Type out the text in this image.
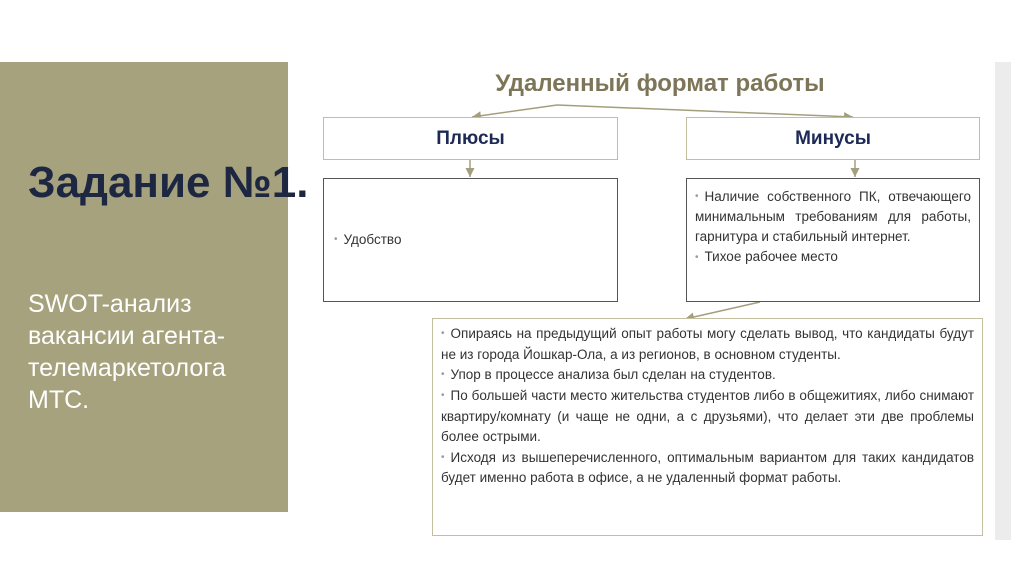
Задание №1.
SWOT-анализ вакансии агента-телемаркетолога МТС.
Удаленный формат работы
Плюсы	Минусы
• Удобство
• Наличие собственного ПК, отвечающего минимальным требованиям для работы, гарнитура и стабильный интернет.
• Тихое рабочее место
• Опираясь на предыдущий опыт работы могу сделать вывод, что кандидаты будут не из города Йошкар-Ола, а из регионов, в основном студенты.
• Упор в процессе анализа был сделан на студентов.
• По большей части место жительства студентов либо в общежитиях, либо снимают квартиру/комнату (и чаще не одни, а с друзьями), что делает эти две проблемы более острыми.
• Исходя из вышеперечисленного, оптимальным вариантом для таких кандидатов будет именно работа в офисе, а не удаленный формат работы.
